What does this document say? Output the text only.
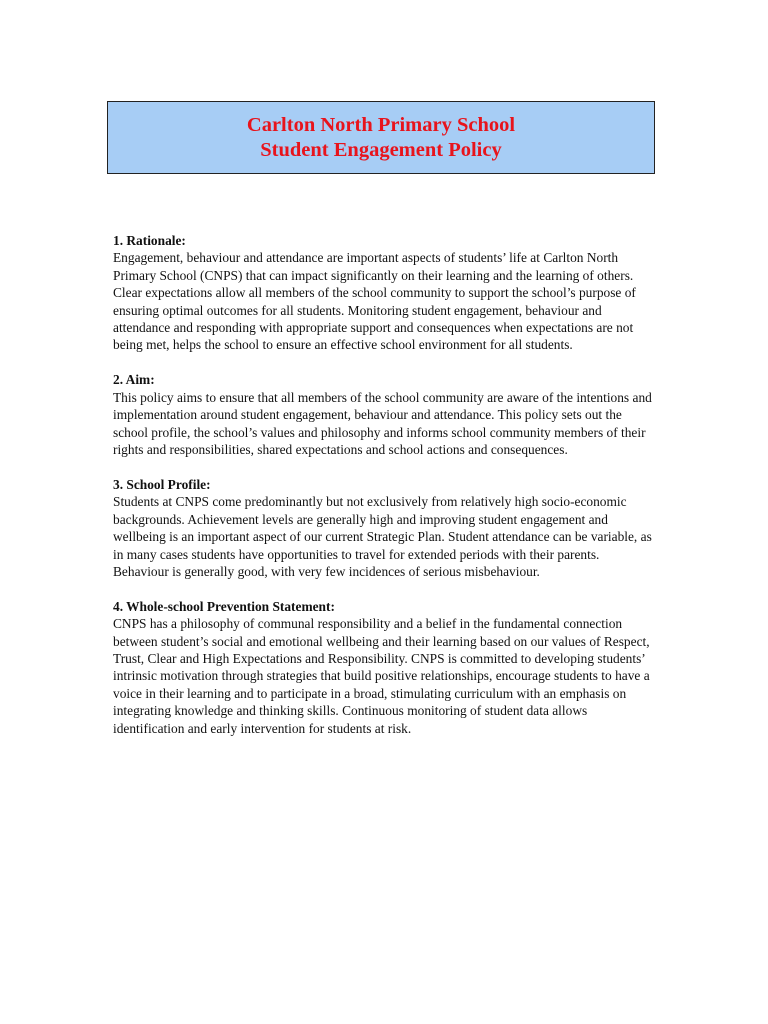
Carlton North Primary School
Student Engagement Policy
1. Rationale:
Engagement, behaviour and attendance are important aspects of students’ life at Carlton North Primary School (CNPS) that can impact significantly on their learning and the learning of others. Clear expectations allow all members of the school community to support the school’s purpose of ensuring optimal outcomes for all students. Monitoring student engagement, behaviour and attendance and responding with appropriate support and consequences when expectations are not being met, helps the school to ensure an effective school environment for all students.
2. Aim:
This policy aims to ensure that all members of the school community are aware of the intentions and implementation around student engagement, behaviour and attendance. This policy sets out the school profile, the school’s values and philosophy and informs school community members of their rights and responsibilities, shared expectations and school actions and consequences.
3. School Profile:
Students at CNPS come predominantly but not exclusively from relatively high socio-economic backgrounds. Achievement levels are generally high and improving student engagement and wellbeing is an important aspect of our current Strategic Plan. Student attendance can be variable, as in many cases students have opportunities to travel for extended periods with their parents. Behaviour is generally good, with very few incidences of serious misbehaviour.
4. Whole-school Prevention Statement:
CNPS has a philosophy of communal responsibility and a belief in the fundamental connection between student’s social and emotional wellbeing and their learning based on our values of Respect, Trust, Clear and High Expectations and Responsibility. CNPS is committed to developing students’ intrinsic motivation through strategies that build positive relationships, encourage students to have a voice in their learning and to participate in a broad, stimulating curriculum with an emphasis on integrating knowledge and thinking skills. Continuous monitoring of student data allows identification and early intervention for students at risk.
